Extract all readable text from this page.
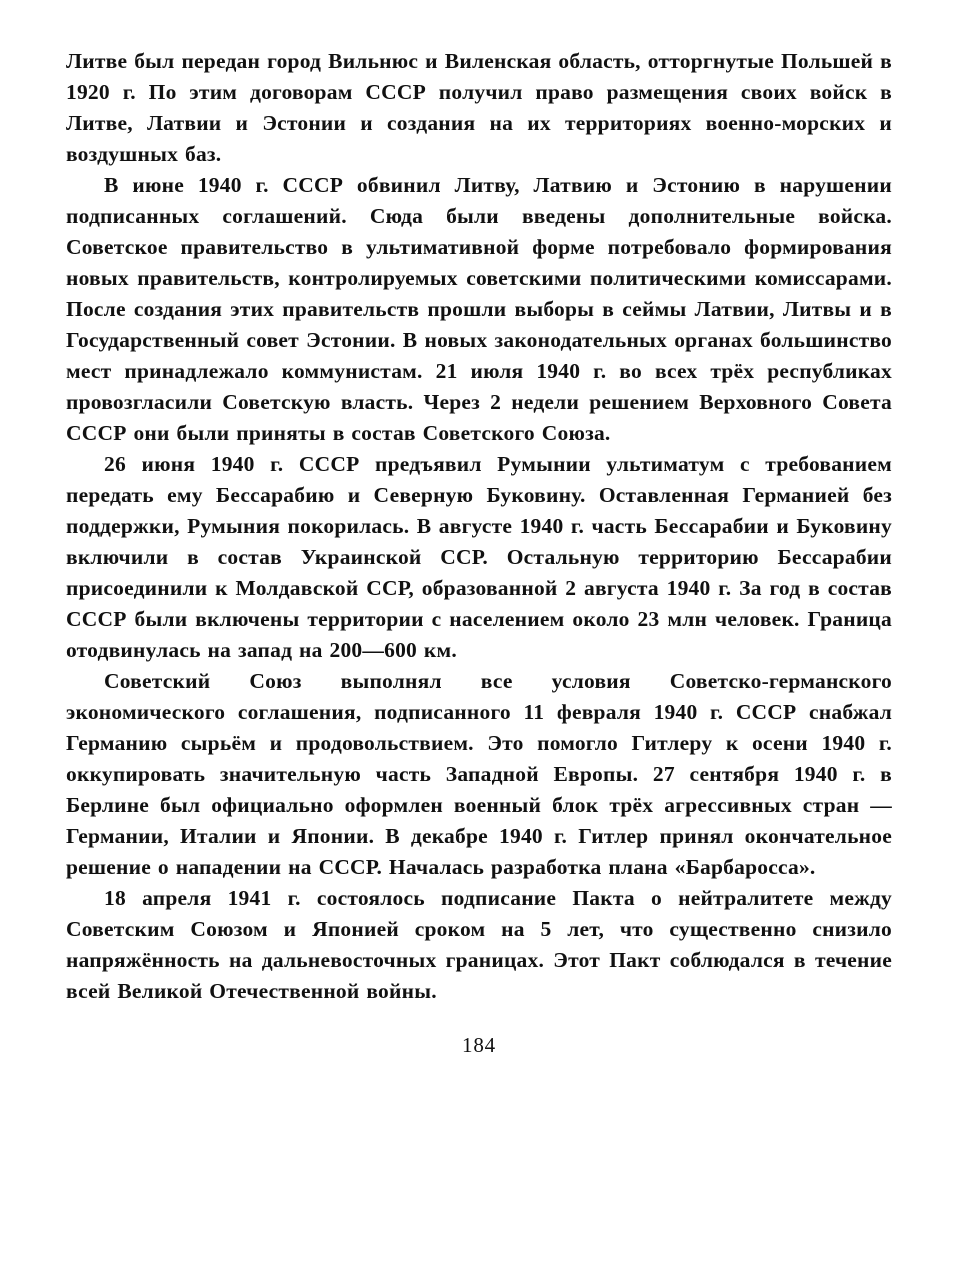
Литве был передан город Вильнюс и Виленская область, отторгнутые Польшей в 1920 г. По этим договорам СССР получил право размещения своих войск в Литве, Латвии и Эстонии и создания на их территориях военно-морских и воздушных баз.

В июне 1940 г. СССР обвинил Литву, Латвию и Эстонию в нарушении подписанных соглашений. Сюда были введены дополнительные войска. Советское правительство в ультимативной форме потребовало формирования новых правительств, контролируемых советскими политическими комиссарами. После создания этих правительств прошли выборы в сеймы Латвии, Литвы и в Государственный совет Эстонии. В новых законодательных органах большинство мест принадлежало коммунистам. 21 июля 1940 г. во всех трёх республиках провозгласили Советскую власть. Через 2 недели решением Верховного Совета СССР они были приняты в состав Советского Союза.

26 июня 1940 г. СССР предъявил Румынии ультиматум с требованием передать ему Бессарабию и Северную Буковину. Оставленная Германией без поддержки, Румыния покорилась. В августе 1940 г. часть Бессарабии и Буковину включили в состав Украинской ССР. Остальную территорию Бессарабии присоединили к Молдавской ССР, образованной 2 августа 1940 г. За год в состав СССР были включены территории с населением около 23 млн человек. Граница отодвинулась на запад на 200—600 км.

Советский Союз выполнял все условия Советско-германского экономического соглашения, подписанного 11 февраля 1940 г. СССР снабжал Германию сырьём и продовольствием. Это помогло Гитлеру к осени 1940 г. оккупировать значительную часть Западной Европы. 27 сентября 1940 г. в Берлине был официально оформлен военный блок трёх агрессивных стран — Германии, Италии и Японии. В декабре 1940 г. Гитлер принял окончательное решение о нападении на СССР. Началась разработка плана «Барбаросса».

18 апреля 1941 г. состоялось подписание Пакта о нейтралитете между Советским Союзом и Японией сроком на 5 лет, что существенно снизило напряжённость на дальневосточных границах. Этот Пакт соблюдался в течение всей Великой Отечественной войны.

184
